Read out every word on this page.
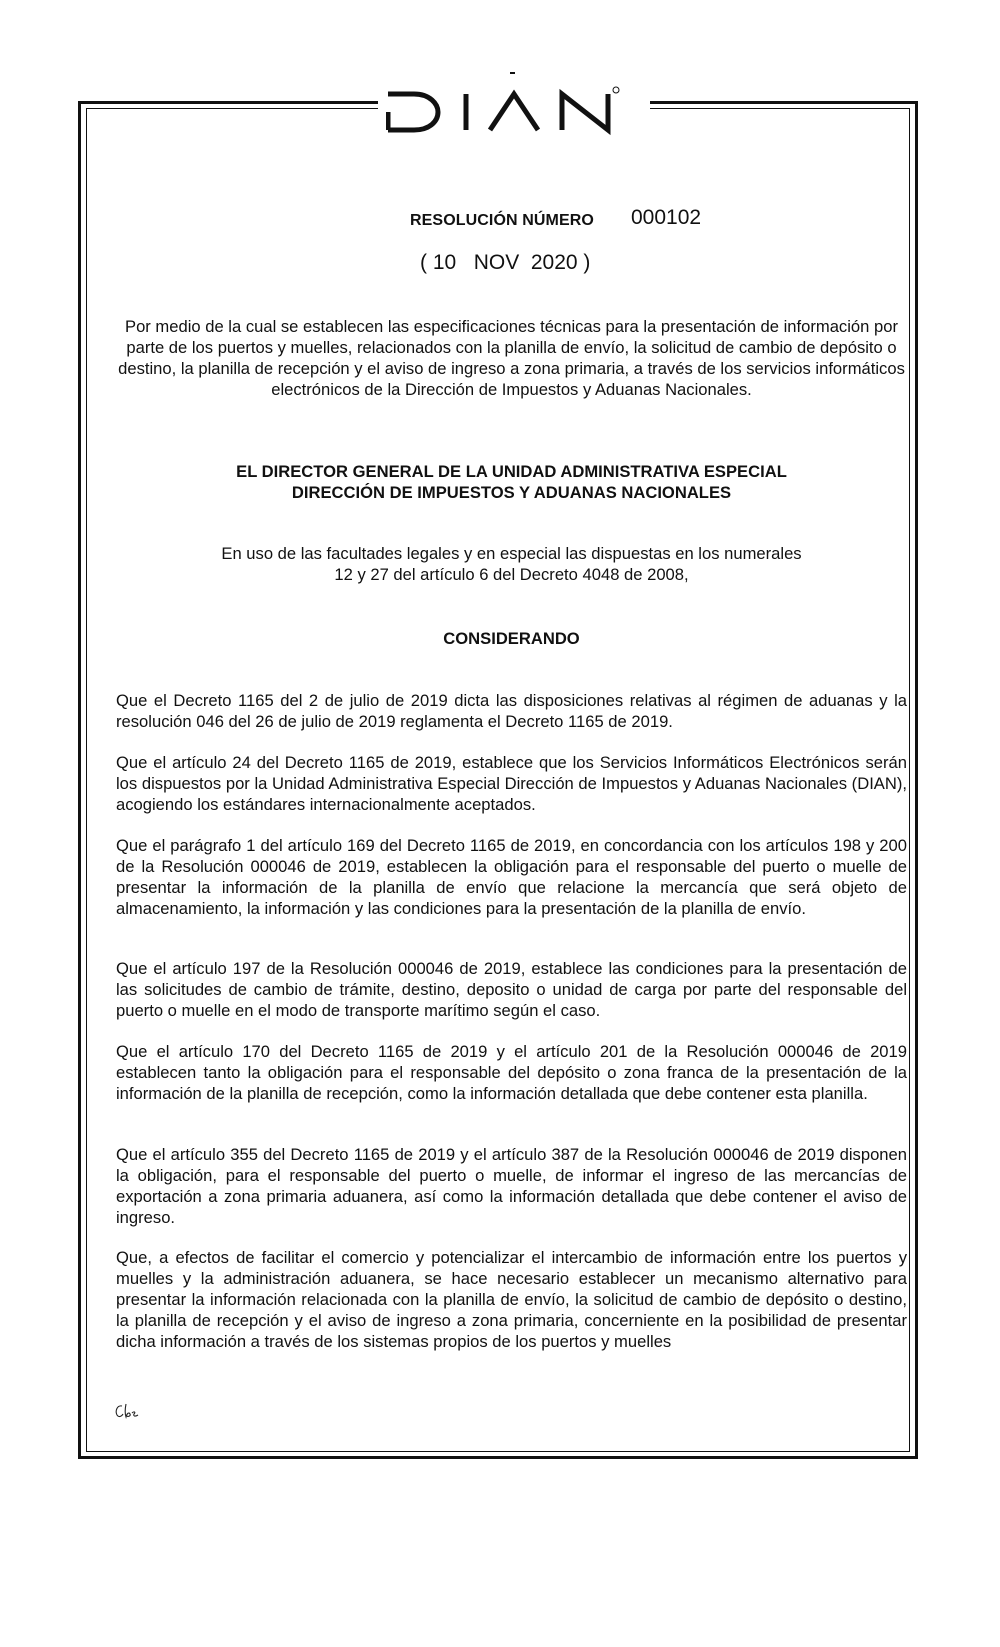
DIAN
RESOLUCIÓN NÚMERO 000102
( 10   NOV  2020 )
Por medio de la cual se establecen las especificaciones técnicas para la presentación de información por parte de los puertos y muelles, relacionados con la planilla de envío, la solicitud de cambio de depósito o destino, la planilla de recepción y el aviso de ingreso a zona primaria, a través de los servicios informáticos electrónicos de la Dirección de Impuestos y Aduanas Nacionales.
EL DIRECTOR GENERAL DE LA UNIDAD ADMINISTRATIVA ESPECIAL
DIRECCIÓN DE IMPUESTOS Y ADUANAS NACIONALES
En uso de las facultades legales y en especial las dispuestas en los numerales
12 y 27 del artículo 6 del Decreto 4048 de 2008,
CONSIDERANDO
Que el Decreto 1165 del 2 de julio de 2019 dicta las disposiciones relativas al régimen de aduanas y la resolución 046 del 26 de julio de 2019 reglamenta el Decreto 1165 de 2019.
Que el artículo 24 del Decreto 1165 de 2019, establece que los Servicios Informáticos Electrónicos serán los dispuestos por la Unidad Administrativa Especial Dirección de Impuestos y Aduanas Nacionales (DIAN), acogiendo los estándares internacionalmente aceptados.
Que el parágrafo 1 del artículo 169 del Decreto 1165 de 2019, en concordancia con los artículos 198 y 200 de la Resolución 000046 de 2019, establecen la obligación para el responsable del puerto o muelle de presentar la información de la planilla de envío que relacione la mercancía que será objeto de almacenamiento, la información y las condiciones para la presentación de la planilla de envío.
Que el artículo 197 de la Resolución 000046 de 2019, establece las condiciones para la presentación de las solicitudes de cambio de trámite, destino, deposito o unidad de carga por parte del responsable del puerto o muelle en el modo de transporte marítimo según el caso.
Que el artículo 170 del Decreto 1165 de 2019 y el artículo 201 de la Resolución 000046 de 2019 establecen tanto la obligación para el responsable del depósito o zona franca de la presentación de la información de la planilla de recepción, como la información detallada que debe contener esta planilla.
Que el artículo 355 del Decreto 1165 de 2019 y el artículo 387 de la Resolución 000046 de 2019 disponen la obligación, para el responsable del puerto o muelle, de informar el ingreso de las mercancías de exportación a zona primaria aduanera, así como la información detallada que debe contener el aviso de ingreso.
Que, a efectos de facilitar el comercio y potencializar el intercambio de información entre los puertos y muelles y la administración aduanera, se hace necesario establecer un mecanismo alternativo para presentar la información relacionada con la planilla de envío, la solicitud de cambio de depósito o destino, la planilla de recepción y el aviso de ingreso a zona primaria, concerniente en la posibilidad de presentar dicha información a través de los sistemas propios de los puertos y muelles
